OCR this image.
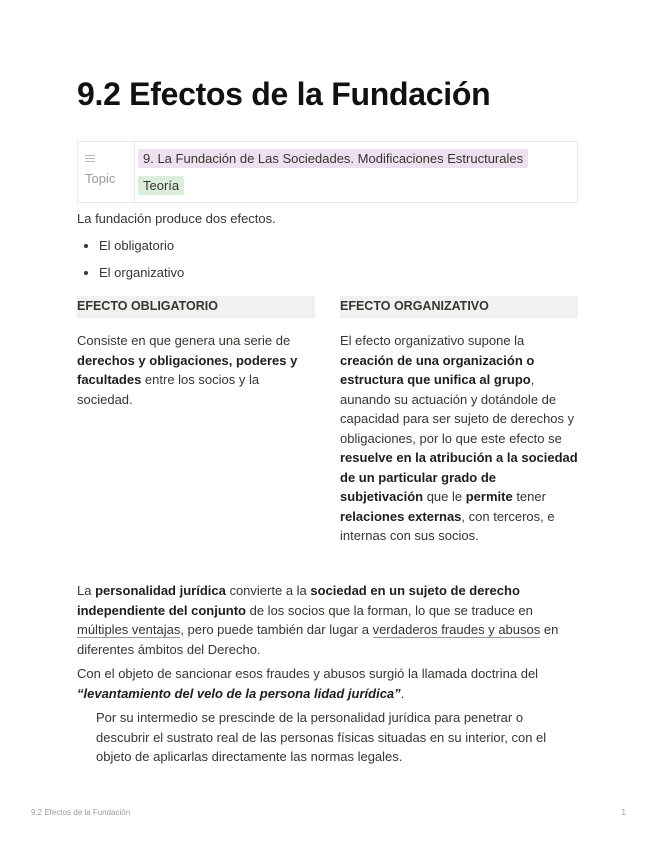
9.2 Efectos de la Fundación
Topic
9. La Fundación de Las Sociedades. Modificaciones Estructurales
Teoría

La fundación produce dos efectos.

• El obligatorio
• El organizativo
EFECTO OBLIGATORIO

Consiste en que genera una serie de derechos y obligaciones, poderes y facultades entre los socios y la sociedad.

EFECTO ORGANIZATIVO

El efecto organizativo supone la creación de una organización o estructura que unifica al grupo, aunando su actuación y dotándole de capacidad para ser sujeto de derechos y obligaciones, por lo que este efecto se resuelve en la atribución a la sociedad de un particular grado de subjetivación que le permite tener relaciones externas, con terceros, e internas con sus socios.

La personalidad jurídica convierte a la sociedad en un sujeto de derecho independiente del conjunto de los socios que la forman, lo que se traduce en múltiples ventajas, pero puede también dar lugar a verdaderos fraudes y abusos en diferentes ámbitos del Derecho.

Con el objeto de sancionar esos fraudes y abusos surgió la llamada doctrina del “levantamiento del velo de la persona lidad jurídica”.

Por su intermedio se prescinde de la personalidad jurídica para penetrar o descubrir el sustrato real de las personas físicas situadas en su interior, con el objeto de aplicarlas directamente las normas legales.

9.2 Efectos de la Fundación	1
